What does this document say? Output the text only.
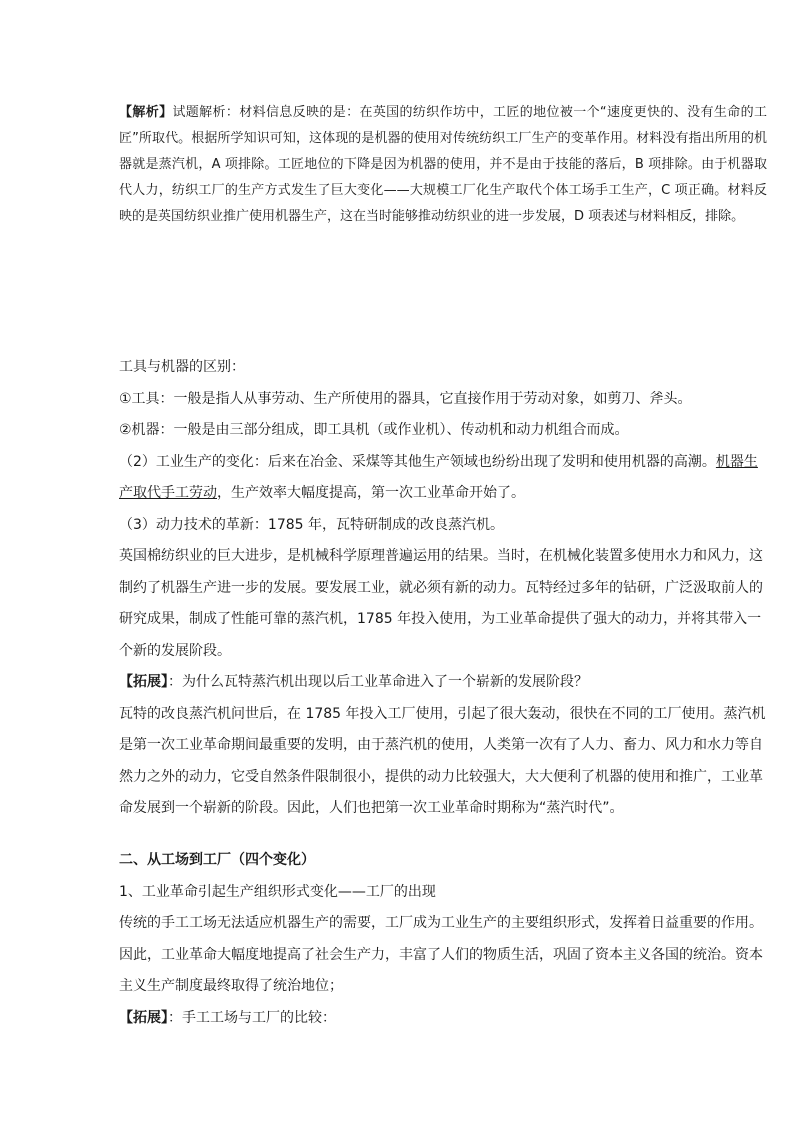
【解析】试题解析：材料信息反映的是：在英国的纺织作坊中，工匠的地位被一个“速度更快的、没有生命的工匠”所取代。根据所学知识可知，这体现的是机器的使用对传统纺织工厂生产的变革作用。材料没有指出所用的机器就是蒸汽机，A 项排除。工匠地位的下降是因为机器的使用，并不是由于技能的落后，B 项排除。由于机器取代人力，纺织工厂的生产方式发生了巨大变化——大规模工厂化生产取代个体工场手工生产，C 项正确。材料反映的是英国纺织业推广使用机器生产，这在当时能够推动纺织业的进一步发展，D 项表述与材料相反，排除。

工具与机器的区别：

①工具：一般是指人从事劳动、生产所使用的器具，它直接作用于劳动对象，如剪刀、斧头。

②机器：一般是由三部分组成，即工具机（或作业机）、传动机和动力机组合而成。

（2）工业生产的变化：后来在冶金、采煤等其他生产领域也纷纷出现了发明和使用机器的高潮。机器生产取代手工劳动，生产效率大幅度提高，第一次工业革命开始了。

（3）动力技术的革新：1785 年，瓦特研制成的改良蒸汽机。

英国棉纺织业的巨大进步，是机械科学原理普遍运用的结果。当时，在机械化装置多使用水力和风力，这制约了机器生产进一步的发展。要发展工业，就必须有新的动力。瓦特经过多年的钻研，广泛汲取前人的研究成果，制成了性能可靠的蒸汽机，1785 年投入使用，为工业革命提供了强大的动力，并将其带入一个新的发展阶段。

【拓展】：为什么瓦特蒸汽机出现以后工业革命进入了一个崭新的发展阶段？

瓦特的改良蒸汽机问世后，在 1785 年投入工厂使用，引起了很大轰动，很快在不同的工厂使用。蒸汽机是第一次工业革命期间最重要的发明，由于蒸汽机的使用，人类第一次有了人力、畜力、风力和水力等自然力之外的动力，它受自然条件限制很小，提供的动力比较强大，大大便利了机器的使用和推广，工业革命发展到一个崭新的阶段。因此，人们也把第一次工业革命时期称为“蒸汽时代”。

二、从工场到工厂（四个变化）

1、工业革命引起生产组织形式变化——工厂的出现

传统的手工工场无法适应机器生产的需要，工厂成为工业生产的主要组织形式，发挥着日益重要的作用。因此，工业革命大幅度地提高了社会生产力，丰富了人们的物质生活，巩固了资本主义各国的统治。资本主义生产制度最终取得了统治地位；

【拓展】：手工工场与工厂的比较：
